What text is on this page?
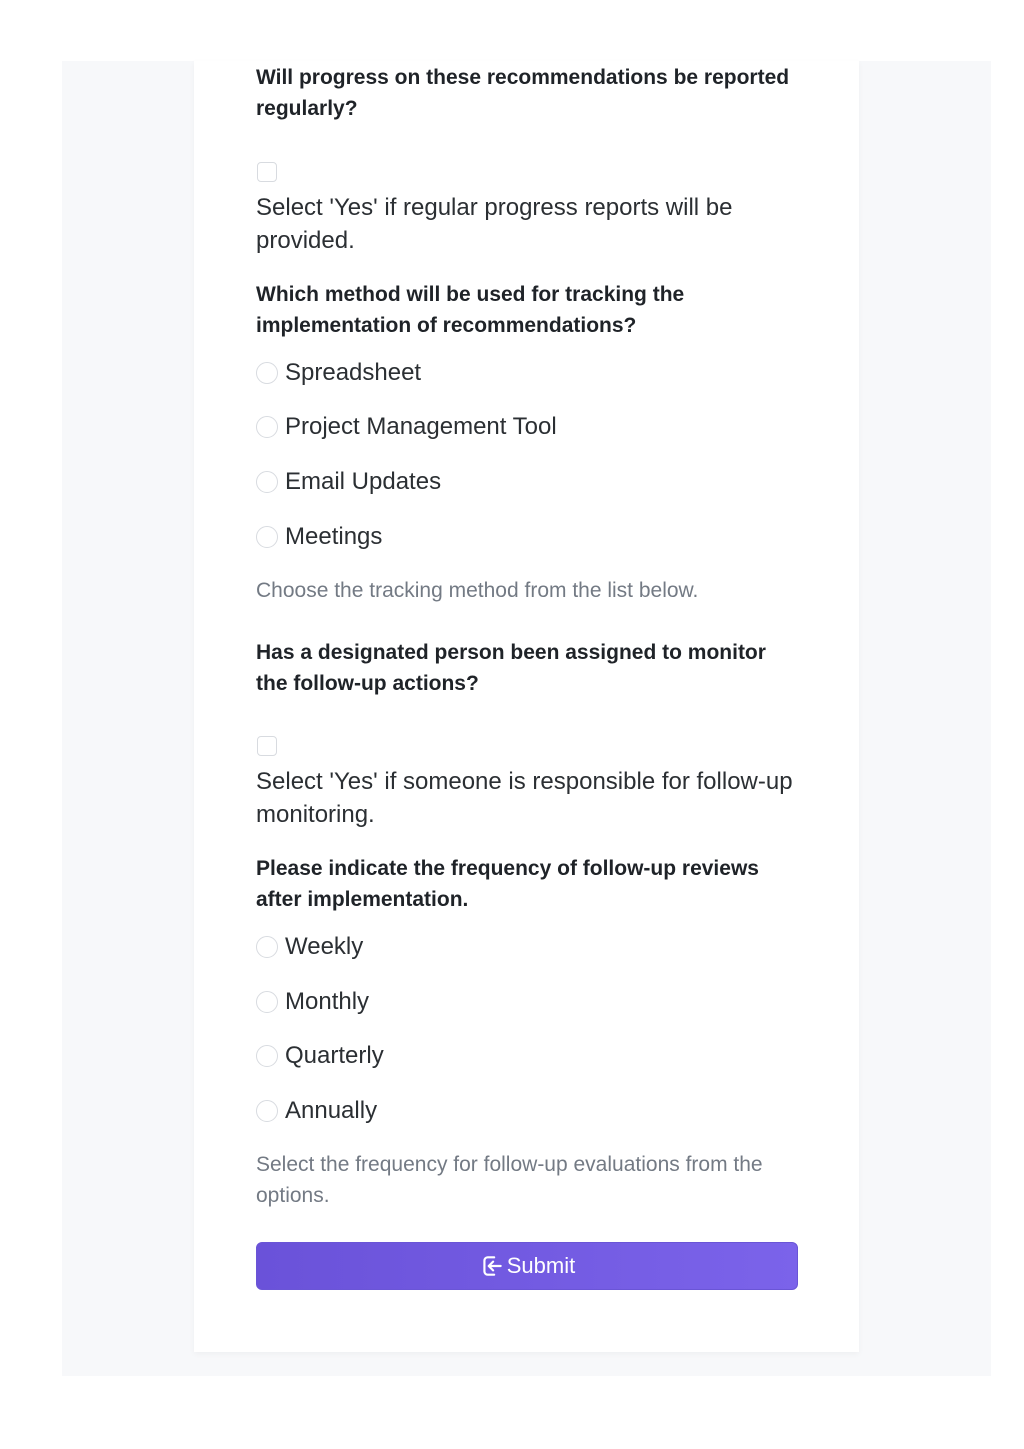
Will progress on these recommendations be reported regularly?

Select 'Yes' if regular progress reports will be provided.

Which method will be used for tracking the implementation of recommendations?

Spreadsheet
Project Management Tool
Email Updates
Meetings
Choose the tracking method from the list below.

Has a designated person been assigned to monitor the follow-up actions?

Select 'Yes' if someone is responsible for follow-up monitoring.

Please indicate the frequency of follow-up reviews after implementation.

Weekly
Monthly
Quarterly
Annually
Select the frequency for follow-up evaluations from the options.
Submit
